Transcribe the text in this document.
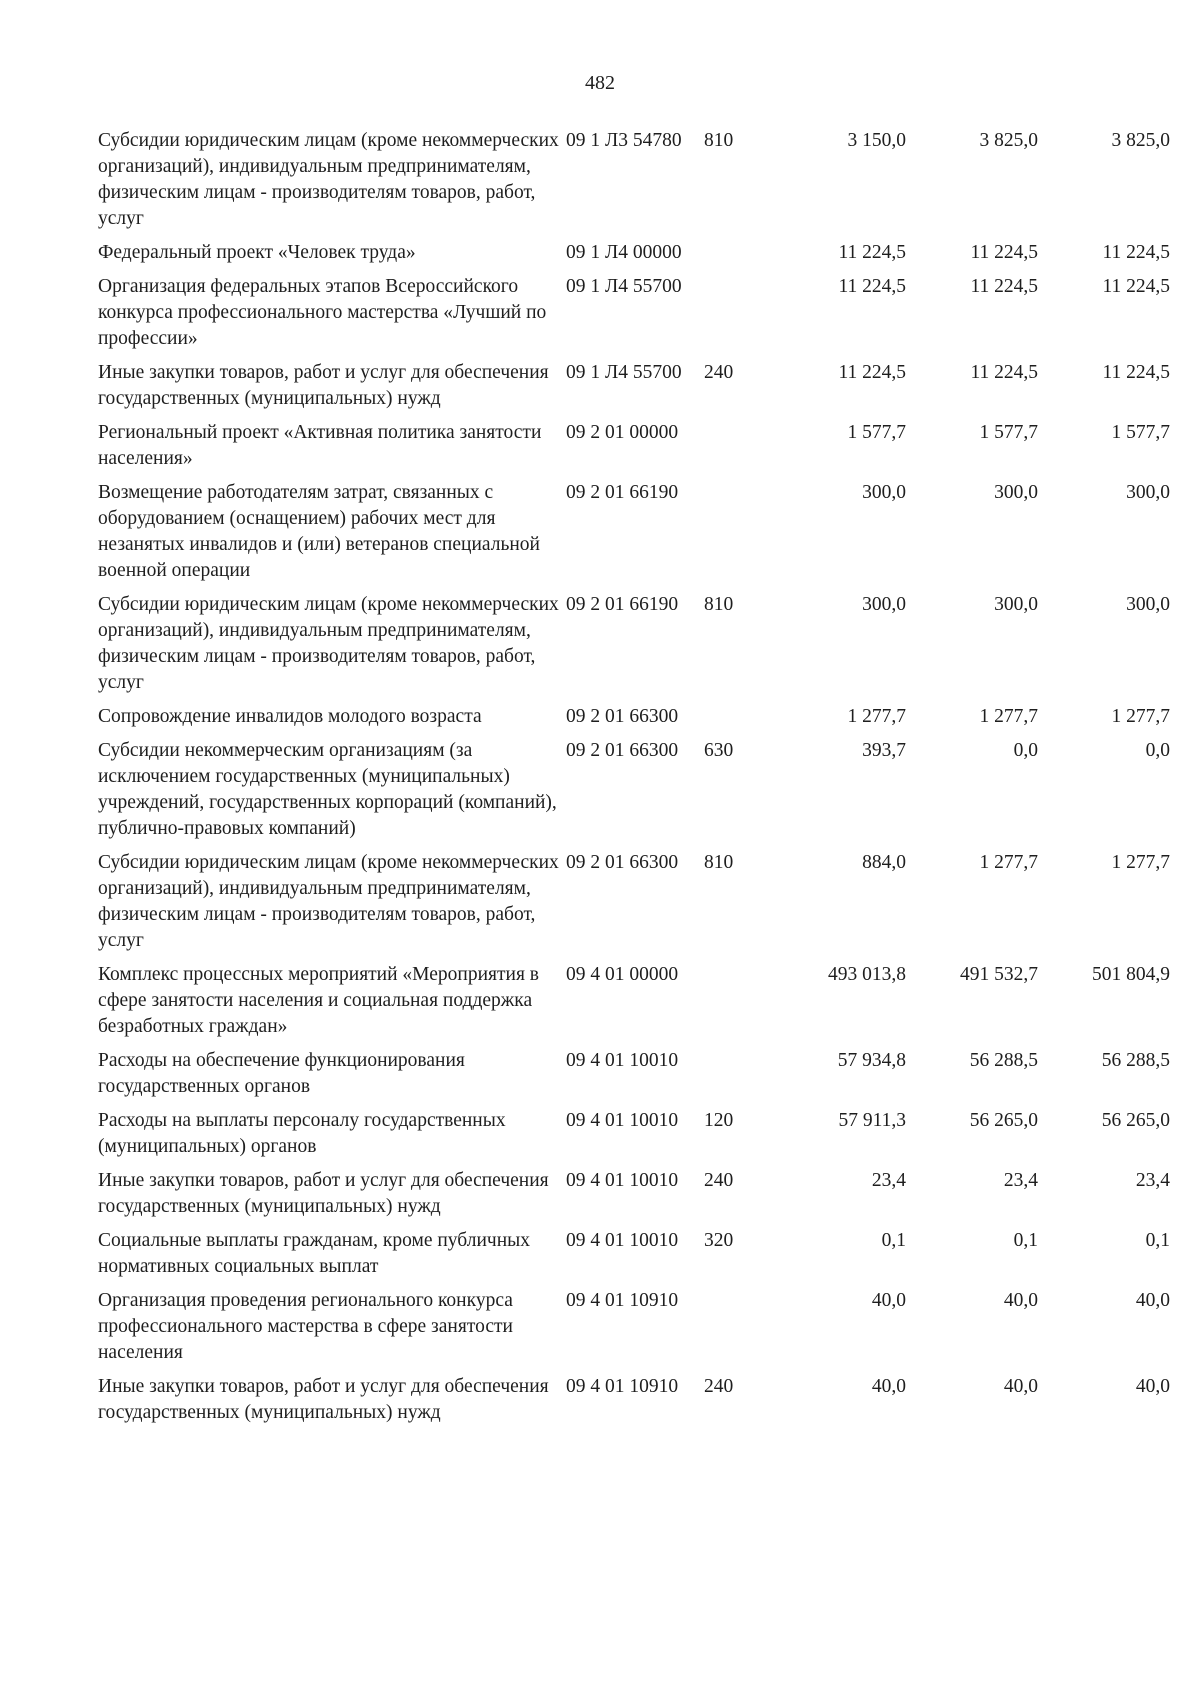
482
Субсидии юридическим лицам (кроме некоммерческих организаций), индивидуальным предпринимателям, физическим лицам - производителям товаров, работ, услуг	09 1 Л3 54780	810	3 150,0	3 825,0	3 825,0
Федеральный проект «Человек труда»	09 1 Л4 00000		11 224,5	11 224,5	11 224,5
Организация федеральных этапов Всероссийского конкурса профессионального мастерства «Лучший по профессии»	09 1 Л4 55700		11 224,5	11 224,5	11 224,5
Иные закупки товаров, работ и услуг для обеспечения государственных (муниципальных) нужд	09 1 Л4 55700	240	11 224,5	11 224,5	11 224,5
Региональный проект «Активная политика занятости населения»	09 2 01 00000		1 577,7	1 577,7	1 577,7
Возмещение работодателям затрат, связанных с оборудованием (оснащением) рабочих мест для незанятых инвалидов и (или) ветеранов специальной военной операции	09 2 01 66190		300,0	300,0	300,0
Субсидии юридическим лицам (кроме некоммерческих организаций), индивидуальным предпринимателям, физическим лицам - производителям товаров, работ, услуг	09 2 01 66190	810	300,0	300,0	300,0
Сопровождение инвалидов молодого возраста	09 2 01 66300		1 277,7	1 277,7	1 277,7
Субсидии некоммерческим организациям (за исключением государственных (муниципальных) учреждений, государственных корпораций (компаний), публично-правовых компаний)	09 2 01 66300	630	393,7	0,0	0,0
Субсидии юридическим лицам (кроме некоммерческих организаций), индивидуальным предпринимателям, физическим лицам - производителям товаров, работ, услуг	09 2 01 66300	810	884,0	1 277,7	1 277,7
Комплекс процессных мероприятий «Мероприятия в сфере занятости населения и социальная поддержка безработных граждан»	09 4 01 00000		493 013,8	491 532,7	501 804,9
Расходы на обеспечение функционирования государственных органов	09 4 01 10010		57 934,8	56 288,5	56 288,5
Расходы на выплаты персоналу государственных (муниципальных) органов	09 4 01 10010	120	57 911,3	56 265,0	56 265,0
Иные закупки товаров, работ и услуг для обеспечения государственных (муниципальных) нужд	09 4 01 10010	240	23,4	23,4	23,4
Социальные выплаты гражданам, кроме публичных нормативных социальных выплат	09 4 01 10010	320	0,1	0,1	0,1
Организация проведения регионального конкурса профессионального мастерства в сфере занятости населения	09 4 01 10910		40,0	40,0	40,0
Иные закупки товаров, работ и услуг для обеспечения государственных (муниципальных) нужд	09 4 01 10910	240	40,0	40,0	40,0
